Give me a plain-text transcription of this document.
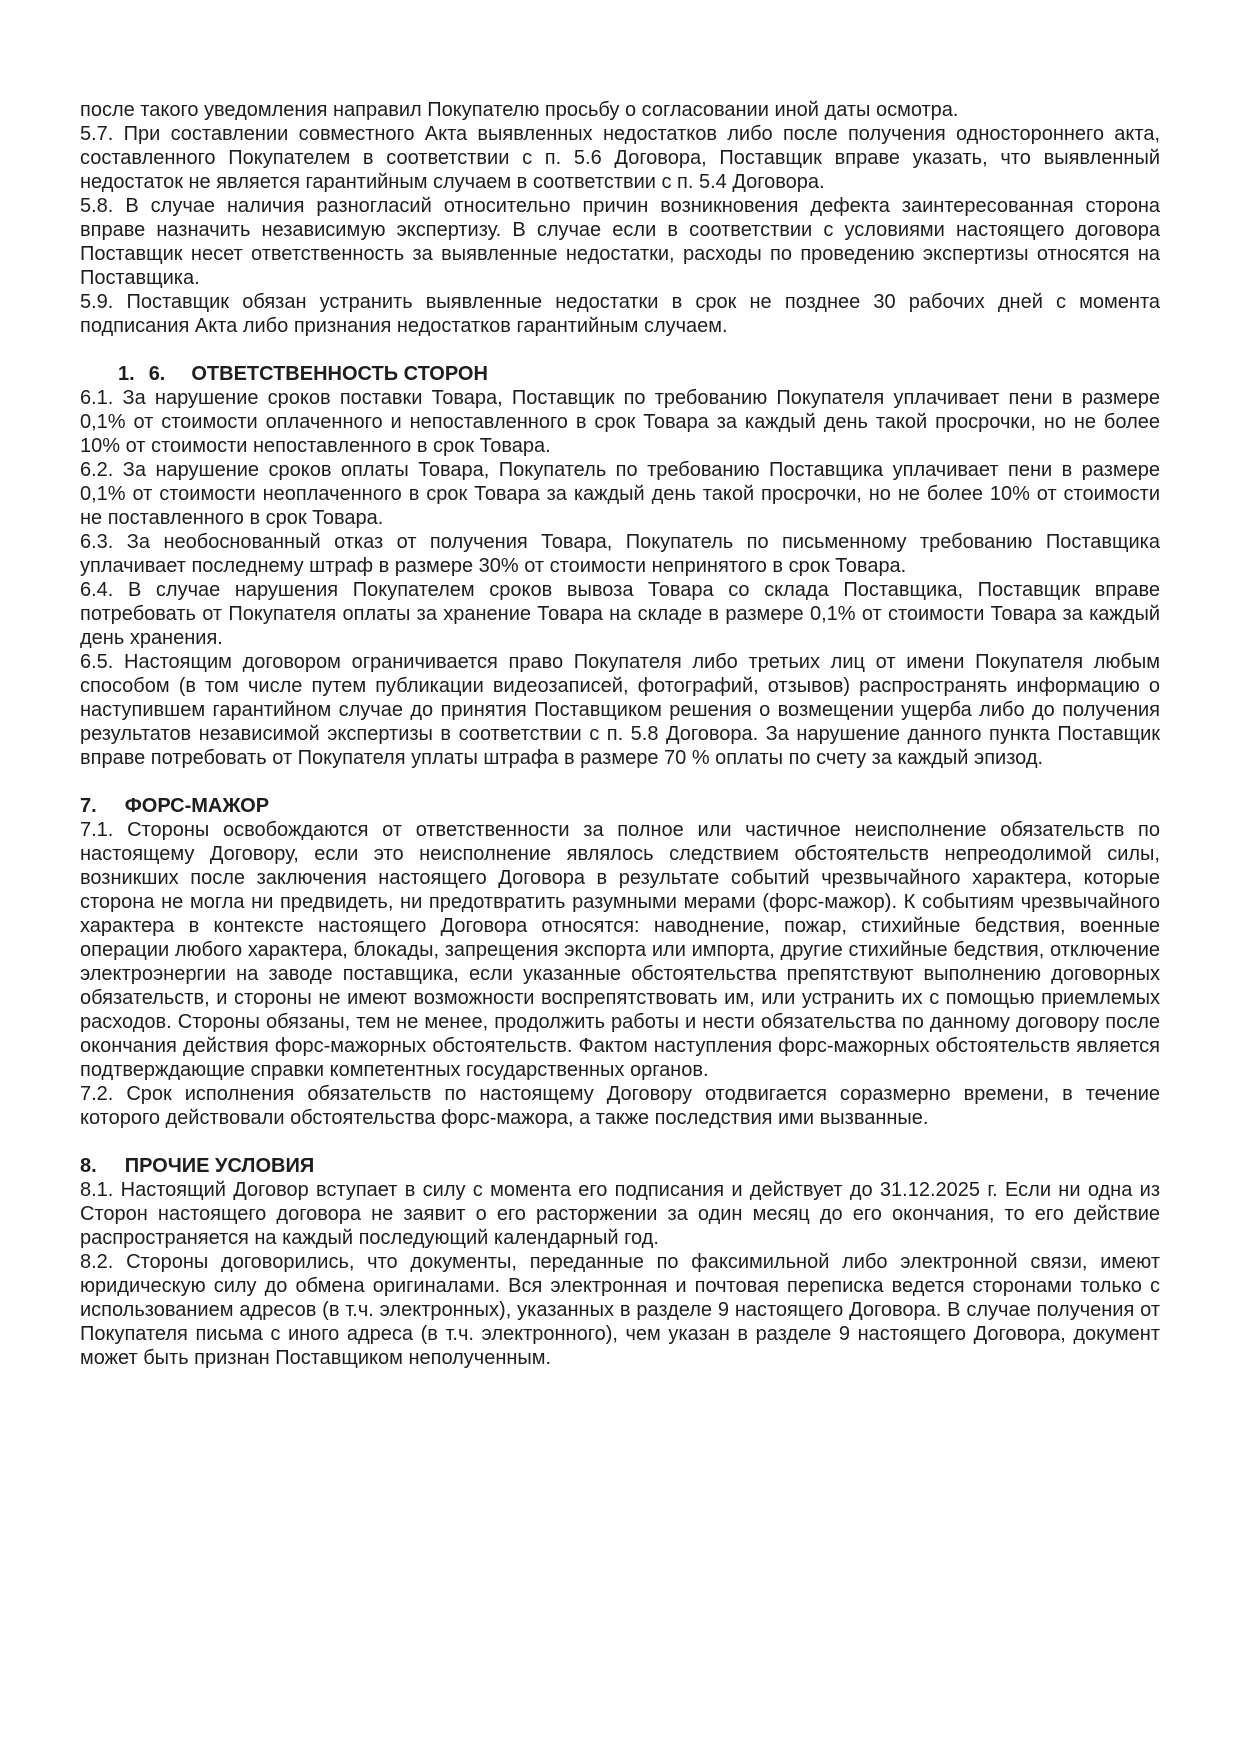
после такого уведомления направил Покупателю просьбу о согласовании иной даты осмотра.

5.7. При составлении совместного Акта выявленных недостатков либо после получения одностороннего акта, составленного Покупателем в соответствии с п. 5.6 Договора, Поставщик вправе указать, что выявленный недостаток не является гарантийным случаем в соответствии с п. 5.4 Договора.

5.8. В случае наличия разногласий относительно причин возникновения дефекта заинтересованная сторона вправе назначить независимую экспертизу. В случае если в соответствии с условиями настоящего договора Поставщик несет ответственность за выявленные недостатки, расходы по проведению экспертизы относятся на Поставщика.

5.9. Поставщик обязан устранить выявленные недостатки в срок не позднее 30 рабочих дней с момента подписания Акта либо признания недостатков гарантийным случаем.

1. 6. ОТВЕТСТВЕННОСТЬ СТОРОН

6.1. За нарушение сроков поставки Товара, Поставщик по требованию Покупателя уплачивает пени в размере 0,1% от стоимости оплаченного и непоставленного в срок Товара за каждый день такой просрочки, но не более 10% от стоимости непоставленного в срок Товара.

6.2. За нарушение сроков оплаты Товара, Покупатель по требованию Поставщика уплачивает пени в размере 0,1% от стоимости неоплаченного в срок Товара за каждый день такой просрочки, но не более 10% от стоимости не поставленного в срок Товара.

6.3. За необоснованный отказ от получения Товара, Покупатель по письменному требованию Поставщика уплачивает последнему штраф в размере 30% от стоимости непринятого в срок Товара.

6.4. В случае нарушения Покупателем сроков вывоза Товара со склада Поставщика, Поставщик вправе потребовать от Покупателя оплаты за хранение Товара на складе в размере 0,1% от стоимости Товара за каждый день хранения.

6.5. Настоящим договором ограничивается право Покупателя либо третьих лиц от имени Покупателя любым способом (в том числе путем публикации видеозаписей, фотографий, отзывов) распространять информацию о наступившем гарантийном случае до принятия Поставщиком решения о возмещении ущерба либо до получения результатов независимой экспертизы в соответствии с п. 5.8 Договора. За нарушение данного пункта Поставщик вправе потребовать от Покупателя уплаты штрафа в размере 70 % оплаты по счету за каждый эпизод.

7. ФОРС-МАЖОР

7.1. Стороны освобождаются от ответственности за полное или частичное неисполнение обязательств по настоящему Договору, если это неисполнение являлось следствием обстоятельств непреодолимой силы, возникших после заключения настоящего Договора в результате событий чрезвычайного характера, которые сторона не могла ни предвидеть, ни предотвратить разумными мерами (форс-мажор). К событиям чрезвычайного характера в контексте настоящего Договора относятся: наводнение, пожар, стихийные бедствия, военные операции любого характера, блокады, запрещения экспорта или импорта, другие стихийные бедствия, отключение электроэнергии на заводе поставщика, если указанные обстоятельства препятствуют выполнению договорных обязательств, и стороны не имеют возможности воспрепятствовать им, или устранить их с помощью приемлемых расходов. Стороны обязаны, тем не менее, продолжить работы и нести обязательства по данному договору после окончания действия форс-мажорных обстоятельств. Фактом наступления форс-мажорных обстоятельств является подтверждающие справки компетентных государственных органов.

7.2. Срок исполнения обязательств по настоящему Договору отодвигается соразмерно времени, в течение которого действовали обстоятельства форс-мажора, а также последствия ими вызванные.

8. ПРОЧИЕ УСЛОВИЯ

8.1. Настоящий Договор вступает в силу с момента его подписания и действует до 31.12.2025 г. Если ни одна из Сторон настоящего договора не заявит о его расторжении за один месяц до его окончания, то его действие распространяется на каждый последующий календарный год.

8.2. Стороны договорились, что документы, переданные по факсимильной либо электронной связи, имеют юридическую силу до обмена оригиналами. Вся электронная и почтовая переписка ведется сторонами только с использованием адресов (в т.ч. электронных), указанных в разделе 9 настоящего Договора. В случае получения от Покупателя письма с иного адреса (в т.ч. электронного), чем указан в разделе 9 настоящего Договора, документ может быть признан Поставщиком неполученным.
